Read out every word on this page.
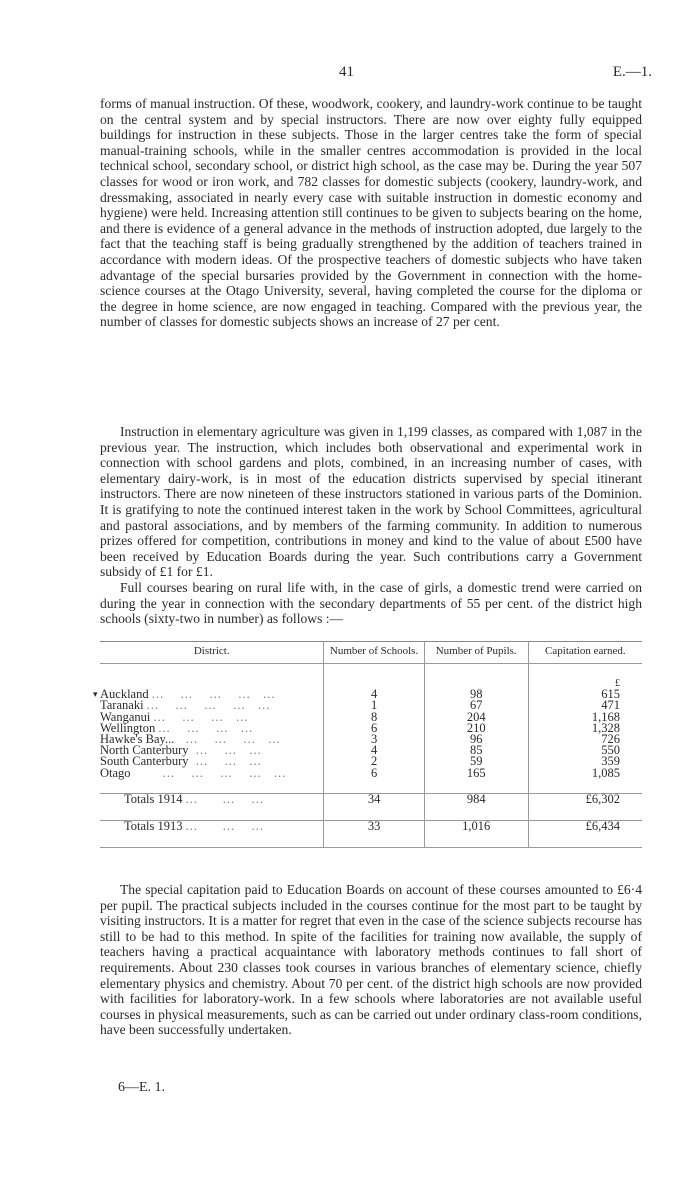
41	E.—1.

forms of manual instruction. Of these, woodwork, cookery, and laundry-work continue to be taught on the central system and by special instructors. There are now over eighty fully equipped buildings for instruction in these subjects. Those in the larger centres take the form of special manual-training schools, while in the smaller centres accommodation is provided in the local technical school, secondary school, or district high school, as the case may be. During the year 507 classes for wood or iron work, and 782 classes for domestic subjects (cookery, laundry-work, and dressmaking, associated in nearly every case with suitable instruction in domestic economy and hygiene) were held. Increasing attention still continues to be given to subjects bearing on the home, and there is evidence of a general advance in the methods of instruction adopted, due largely to the fact that the teaching staff is being gradually strengthened by the addition of teachers trained in accordance with modern ideas. Of the prospective teachers of domestic subjects who have taken advantage of the special bursaries provided by the Government in connection with the home-science courses at the Otago University, several, having completed the course for the diploma or the degree in home science, are now engaged in teaching. Compared with the previous year, the number of classes for domestic subjects shows an increase of 27 per cent.

Instruction in elementary agriculture was given in 1,199 classes, as compared with 1,087 in the previous year. The instruction, which includes both observational and experimental work in connection with school gardens and plots, combined, in an increasing number of cases, with elementary dairy-work, is in most of the education districts supervised by special itinerant instructors. There are now nineteen of these instructors stationed in various parts of the Dominion. It is gratifying to note the continued interest taken in the work by School Committees, agricultural and pastoral associations, and by members of the farming community. In addition to numerous prizes offered for competition, contributions in money and kind to the value of about £500 have been received by Education Boards during the year. Such contributions carry a Government subsidy of £1 for £1.

Full courses bearing on rural life with, in the case of girls, a domestic trend were carried on during the year in connection with the secondary departments of 55 per cent. of the district high schools (sixty-two in number) as follows :—

▾
District.	Number of Schools.	Number of Pupils.	Capitation earned.

			£
Auckland ...    ...    ...    ...   ...	4	98	615
Taranaki ...    ...    ...    ...   ...	1	67	471
Wanganui ...    ...    ...   ...	8	204	1,168
Wellington ...    ...    ...   ...	6	210	1,328
Hawke's Bay...   ...    ...    ...   ...	3	96	726
North Canterbury  ...    ...   ...	4	85	550
South Canterbury  ...    ...   ...	2	59	359
Otago        ...    ...    ...    ...   ...	6	165	1,085

Totals 1914 ...      ...    ...	34	984	£6,302
Totals 1913 ...      ...    ...	33	1,016	£6,434

The special capitation paid to Education Boards on account of these courses amounted to £6·4 per pupil. The practical subjects included in the courses continue for the most part to be taught by visiting instructors. It is a matter for regret that even in the case of the science subjects recourse has still to be had to this method. In spite of the facilities for training now available, the supply of teachers having a practical acquaintance with laboratory methods continues to fall short of requirements. About 230 classes took courses in various branches of elementary science, chiefly elementary physics and chemistry. About 70 per cent. of the district high schools are now provided with facilities for laboratory-work. In a few schools where laboratories are not available useful courses in physical measurements, such as can be carried out under ordinary class-room conditions, have been successfully undertaken.

6—E. 1.
